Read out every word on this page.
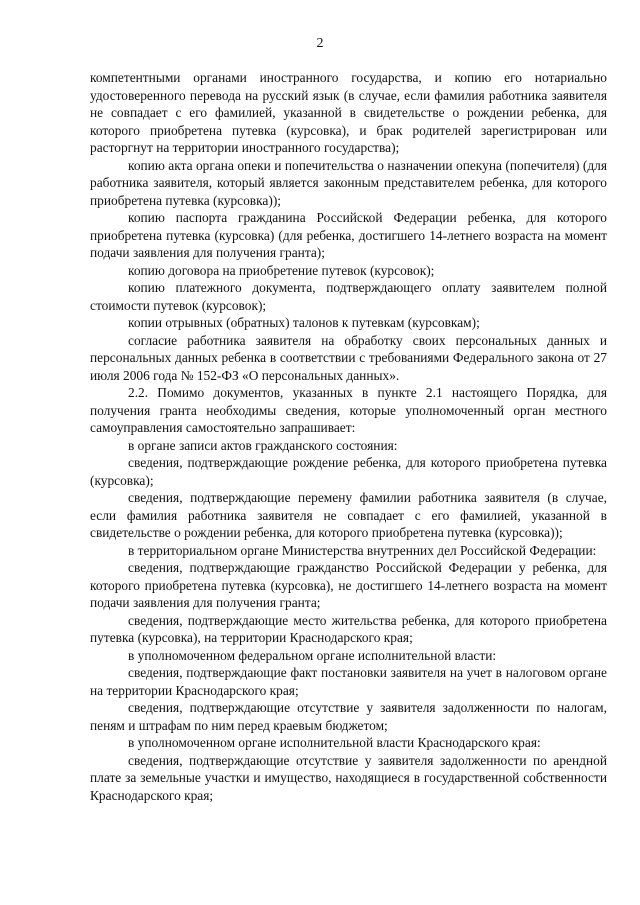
2

компетентными органами иностранного государства, и копию его нотариально удостоверенного перевода на русский язык (в случае, если фамилия работника заявителя не совпадает с его фамилией, указанной в свидетельстве о рождении ребенка, для которого приобретена путевка (курсовка), и брак родителей зарегистрирован или расторгнут на территории иностранного государства);

копию акта органа опеки и попечительства о назначении опекуна (попечителя) (для работника заявителя, который является законным представителем ребенка, для которого приобретена путевка (курсовка));

копию паспорта гражданина Российской Федерации ребенка, для которого приобретена путевка (курсовка) (для ребенка, достигшего 14-летнего возраста на момент подачи заявления для получения гранта);

копию договора на приобретение путевок (курсовок);

копию платежного документа, подтверждающего оплату заявителем полной стоимости путевок (курсовок);

копии отрывных (обратных) талонов к путевкам (курсовкам);

согласие работника заявителя на обработку своих персональных данных и персональных данных ребенка в соответствии с требованиями Федерального закона от 27 июля 2006 года № 152-ФЗ «О персональных данных».

2.2. Помимо документов, указанных в пункте 2.1 настоящего Порядка, для получения гранта необходимы сведения, которые уполномоченный орган местного самоуправления самостоятельно запрашивает:

в органе записи актов гражданского состояния:

сведения, подтверждающие рождение ребенка, для которого приобретена путевка (курсовка);

сведения, подтверждающие перемену фамилии работника заявителя (в случае, если фамилия работника заявителя не совпадает с его фамилией, указанной в свидетельстве о рождении ребенка, для которого приобретена путевка (курсовка));

в территориальном органе Министерства внутренних дел Российской Федерации:

сведения, подтверждающие гражданство Российской Федерации у ребенка, для которого приобретена путевка (курсовка), не достигшего 14-летнего возраста на момент подачи заявления для получения гранта;

сведения, подтверждающие место жительства ребенка, для которого приобретена путевка (курсовка), на территории Краснодарского края;

в уполномоченном федеральном органе исполнительной власти:

сведения, подтверждающие факт постановки заявителя на учет в налоговом органе на территории Краснодарского края;

сведения, подтверждающие отсутствие у заявителя задолженности по налогам, пеням и штрафам по ним перед краевым бюджетом;

в уполномоченном органе исполнительной власти Краснодарского края:

сведения, подтверждающие отсутствие у заявителя задолженности по арендной плате за земельные участки и имущество, находящиеся в государственной собственности Краснодарского края;
